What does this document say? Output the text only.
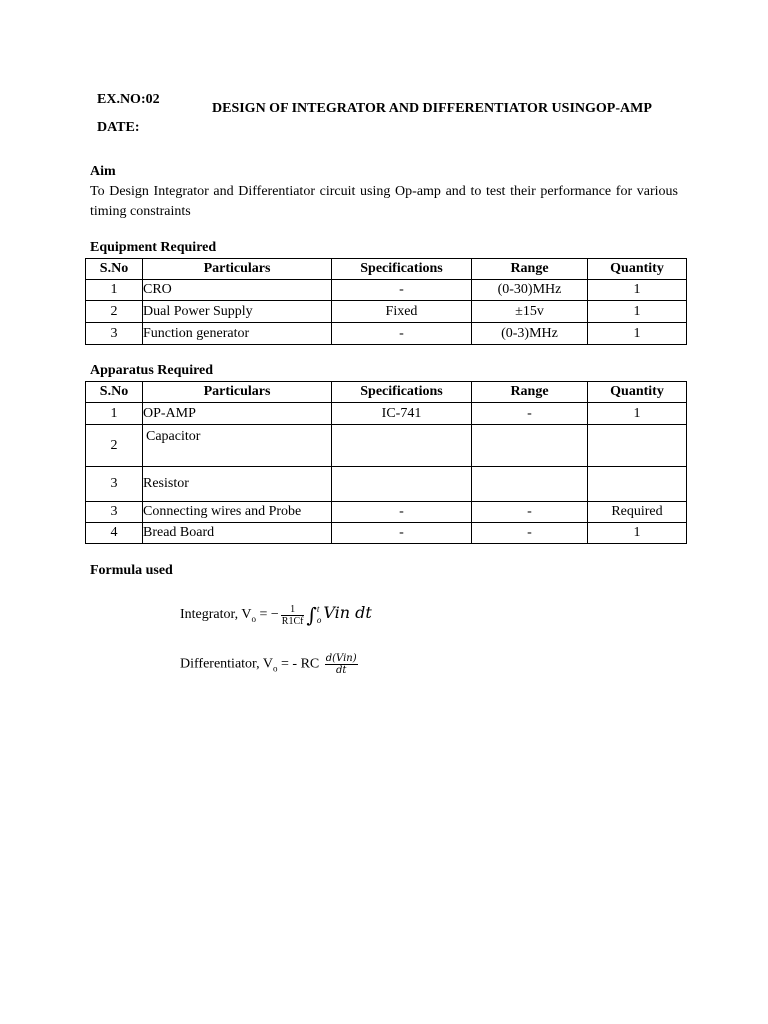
EX.NO:02
DATE:
DESIGN OF INTEGRATOR AND DIFFERENTIATOR USINGOP-AMP
Aim
To Design Integrator and Differentiator circuit using Op-amp and to test their performance for various timing constraints
Equipment Required
S.No	Particulars	Specifications	Range	Quantity
1	CRO	-	(0-30)MHz	1
2	Dual Power Supply	Fixed	±15v	1
3	Function generator	-	(0-3)MHz	1
Apparatus Required
S.No	Particulars	Specifications	Range	Quantity
1	OP-AMP	IC-741	-	1
2	Capacitor			
3	Resistor			
3	Connecting wires and Probe	-	-	Required
4	Bread Board	-	-	1
Formula used
Integrator, $V_o$ = − $\frac{1}{R1Cf}$ ∫ t
o Vin dt
Differentiator, $V_o$ = - RC $\frac{\text{d(Vin)}}{dt}$
